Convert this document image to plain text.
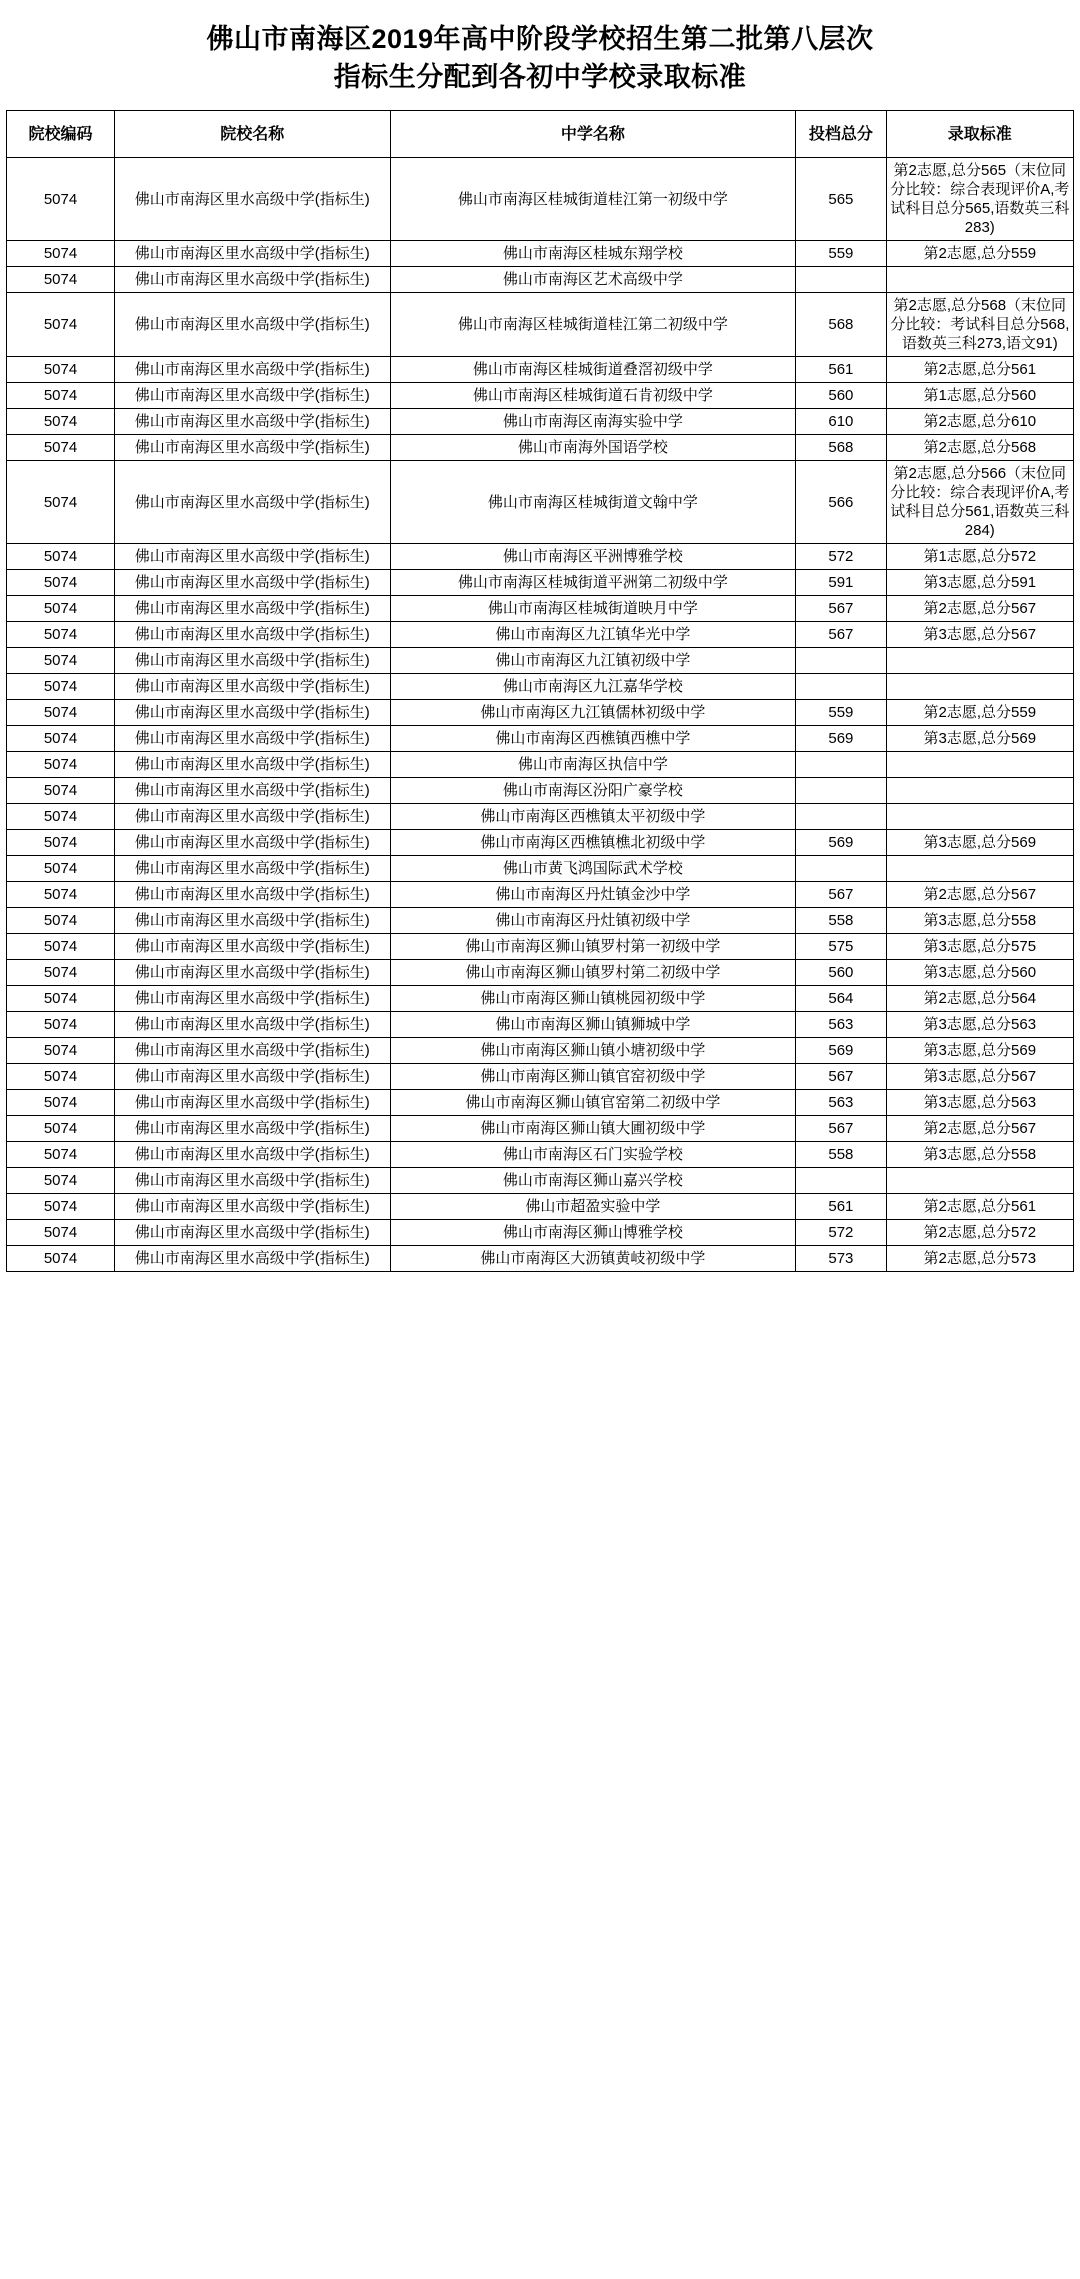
佛山市南海区2019年高中阶段学校招生第二批第八层次
指标生分配到各初中学校录取标准
院校编码	院校名称	中学名称	投档总分	录取标准
5074	佛山市南海区里水高级中学(指标生)	佛山市南海区桂城街道桂江第一初级中学	565	第2志愿,总分565（末位同分比较：综合表现评价A,考试科目总分565,语数英三科283)
5074	佛山市南海区里水高级中学(指标生)	佛山市南海区桂城东翔学校	559	第2志愿,总分559
5074	佛山市南海区里水高级中学(指标生)	佛山市南海区艺术高级中学		
5074	佛山市南海区里水高级中学(指标生)	佛山市南海区桂城街道桂江第二初级中学	568	第2志愿,总分568（末位同分比较：考试科目总分568,语数英三科273,语文91)
5074	佛山市南海区里水高级中学(指标生)	佛山市南海区桂城街道叠滘初级中学	561	第2志愿,总分561
5074	佛山市南海区里水高级中学(指标生)	佛山市南海区桂城街道石肯初级中学	560	第1志愿,总分560
5074	佛山市南海区里水高级中学(指标生)	佛山市南海区南海实验中学	610	第2志愿,总分610
5074	佛山市南海区里水高级中学(指标生)	佛山市南海外国语学校	568	第2志愿,总分568
5074	佛山市南海区里水高级中学(指标生)	佛山市南海区桂城街道文翰中学	566	第2志愿,总分566（末位同分比较：综合表现评价A,考试科目总分561,语数英三科284)
5074	佛山市南海区里水高级中学(指标生)	佛山市南海区平洲博雅学校	572	第1志愿,总分572
5074	佛山市南海区里水高级中学(指标生)	佛山市南海区桂城街道平洲第二初级中学	591	第3志愿,总分591
5074	佛山市南海区里水高级中学(指标生)	佛山市南海区桂城街道映月中学	567	第2志愿,总分567
5074	佛山市南海区里水高级中学(指标生)	佛山市南海区九江镇华光中学	567	第3志愿,总分567
5074	佛山市南海区里水高级中学(指标生)	佛山市南海区九江镇初级中学		
5074	佛山市南海区里水高级中学(指标生)	佛山市南海区九江嘉华学校		
5074	佛山市南海区里水高级中学(指标生)	佛山市南海区九江镇儒林初级中学	559	第2志愿,总分559
5074	佛山市南海区里水高级中学(指标生)	佛山市南海区西樵镇西樵中学	569	第3志愿,总分569
5074	佛山市南海区里水高级中学(指标生)	佛山市南海区执信中学		
5074	佛山市南海区里水高级中学(指标生)	佛山市南海区汾阳广豪学校		
5074	佛山市南海区里水高级中学(指标生)	佛山市南海区西樵镇太平初级中学		
5074	佛山市南海区里水高级中学(指标生)	佛山市南海区西樵镇樵北初级中学	569	第3志愿,总分569
5074	佛山市南海区里水高级中学(指标生)	佛山市黄飞鸿国际武术学校		
5074	佛山市南海区里水高级中学(指标生)	佛山市南海区丹灶镇金沙中学	567	第2志愿,总分567
5074	佛山市南海区里水高级中学(指标生)	佛山市南海区丹灶镇初级中学	558	第3志愿,总分558
5074	佛山市南海区里水高级中学(指标生)	佛山市南海区狮山镇罗村第一初级中学	575	第3志愿,总分575
5074	佛山市南海区里水高级中学(指标生)	佛山市南海区狮山镇罗村第二初级中学	560	第3志愿,总分560
5074	佛山市南海区里水高级中学(指标生)	佛山市南海区狮山镇桃园初级中学	564	第2志愿,总分564
5074	佛山市南海区里水高级中学(指标生)	佛山市南海区狮山镇狮城中学	563	第3志愿,总分563
5074	佛山市南海区里水高级中学(指标生)	佛山市南海区狮山镇小塘初级中学	569	第3志愿,总分569
5074	佛山市南海区里水高级中学(指标生)	佛山市南海区狮山镇官窑初级中学	567	第3志愿,总分567
5074	佛山市南海区里水高级中学(指标生)	佛山市南海区狮山镇官窑第二初级中学	563	第3志愿,总分563
5074	佛山市南海区里水高级中学(指标生)	佛山市南海区狮山镇大圃初级中学	567	第2志愿,总分567
5074	佛山市南海区里水高级中学(指标生)	佛山市南海区石门实验学校	558	第3志愿,总分558
5074	佛山市南海区里水高级中学(指标生)	佛山市南海区狮山嘉兴学校		
5074	佛山市南海区里水高级中学(指标生)	佛山市超盈实验中学	561	第2志愿,总分561
5074	佛山市南海区里水高级中学(指标生)	佛山市南海区狮山博雅学校	572	第2志愿,总分572
5074	佛山市南海区里水高级中学(指标生)	佛山市南海区大沥镇黄岐初级中学	573	第2志愿,总分573
